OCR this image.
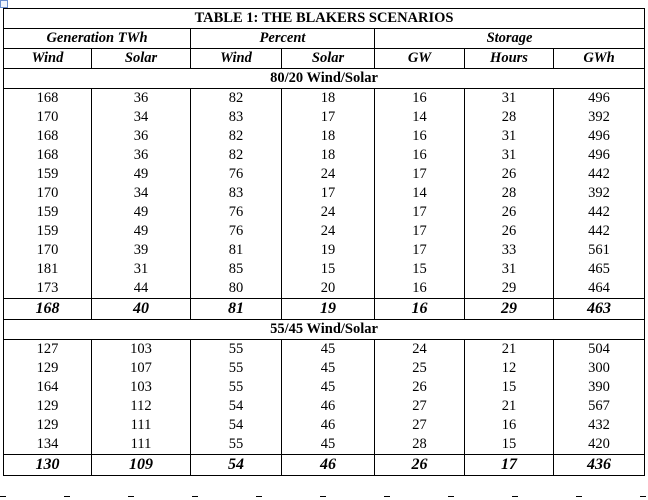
TABLE 1: THE BLAKERS SCENARIOS						
Generation TWh		Percent		Storage		
Wind	Solar	Wind	Solar	GW	Hours	GWh
80/20 Wind/Solar						
168	36	82	18	16	31	496
170	34	83	17	14	28	392
168	36	82	18	16	31	496
168	36	82	18	16	31	496
159	49	76	24	17	26	442
170	34	83	17	14	28	392
159	49	76	24	17	26	442
159	49	76	24	17	26	442
170	39	81	19	17	33	561
181	31	85	15	15	31	465
173	44	80	20	16	29	464
168	40	81	19	16	29	463
55/45 Wind/Solar						
127	103	55	45	24	21	504
129	107	55	45	25	12	300
164	103	55	45	26	15	390
129	112	54	46	27	21	567
129	111	54	46	27	16	432
134	111	55	45	28	15	420
130	109	54	46	26	17	436
